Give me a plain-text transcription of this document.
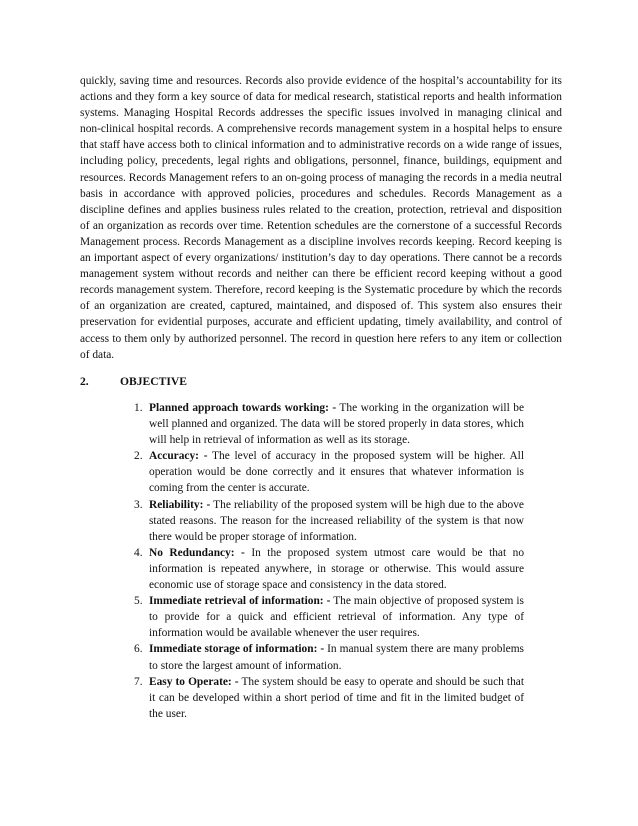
quickly, saving time and resources. Records also provide evidence of the hospital’s accountability for its actions and they form a key source of data for medical research, statistical reports and health information systems. Managing Hospital Records addresses the specific issues involved in managing clinical and non-clinical hospital records. A comprehensive records management system in a hospital helps to ensure that staff have access both to clinical information and to administrative records on a wide range of issues, including policy, precedents, legal rights and obligations, personnel, finance, buildings, equipment and resources. Records Management refers to an on-going process of managing the records in a media neutral basis in accordance with approved policies, procedures and schedules. Records Management as a discipline defines and applies business rules related to the creation, protection, retrieval and disposition of an organization as records over time. Retention schedules are the cornerstone of a successful Records Management process. Records Management as a discipline involves records keeping. Record keeping is an important aspect of every organizations/ institution’s day to day operations. There cannot be a records management system without records and neither can there be efficient record keeping without a good records management system. Therefore, record keeping is the Systematic procedure by which the records of an organization are created, captured, maintained, and disposed of. This system also ensures their preservation for evidential purposes, accurate and efficient updating, timely availability, and control of access to them only by authorized personnel. The record in question here refers to any item or collection of data.

2.	OBJECTIVE
1. Planned approach towards working: - The working in the organization will be well planned and organized. The data will be stored properly in data stores, which will help in retrieval of information as well as its storage.
2. Accuracy: - The level of accuracy in the proposed system will be higher. All operation would be done correctly and it ensures that whatever information is coming from the center is accurate.
3. Reliability: - The reliability of the proposed system will be high due to the above stated reasons. The reason for the increased reliability of the system is that now there would be proper storage of information.
4. No Redundancy: - In the proposed system utmost care would be that no information is repeated anywhere, in storage or otherwise. This would assure economic use of storage space and consistency in the data stored.
5. Immediate retrieval of information: - The main objective of proposed system is to provide for a quick and efficient retrieval of information. Any type of information would be available whenever the user requires.
6. Immediate storage of information: - In manual system there are many problems to store the largest amount of information.
7. Easy to Operate: - The system should be easy to operate and should be such that it can be developed within a short period of time and fit in the limited budget of the user.
